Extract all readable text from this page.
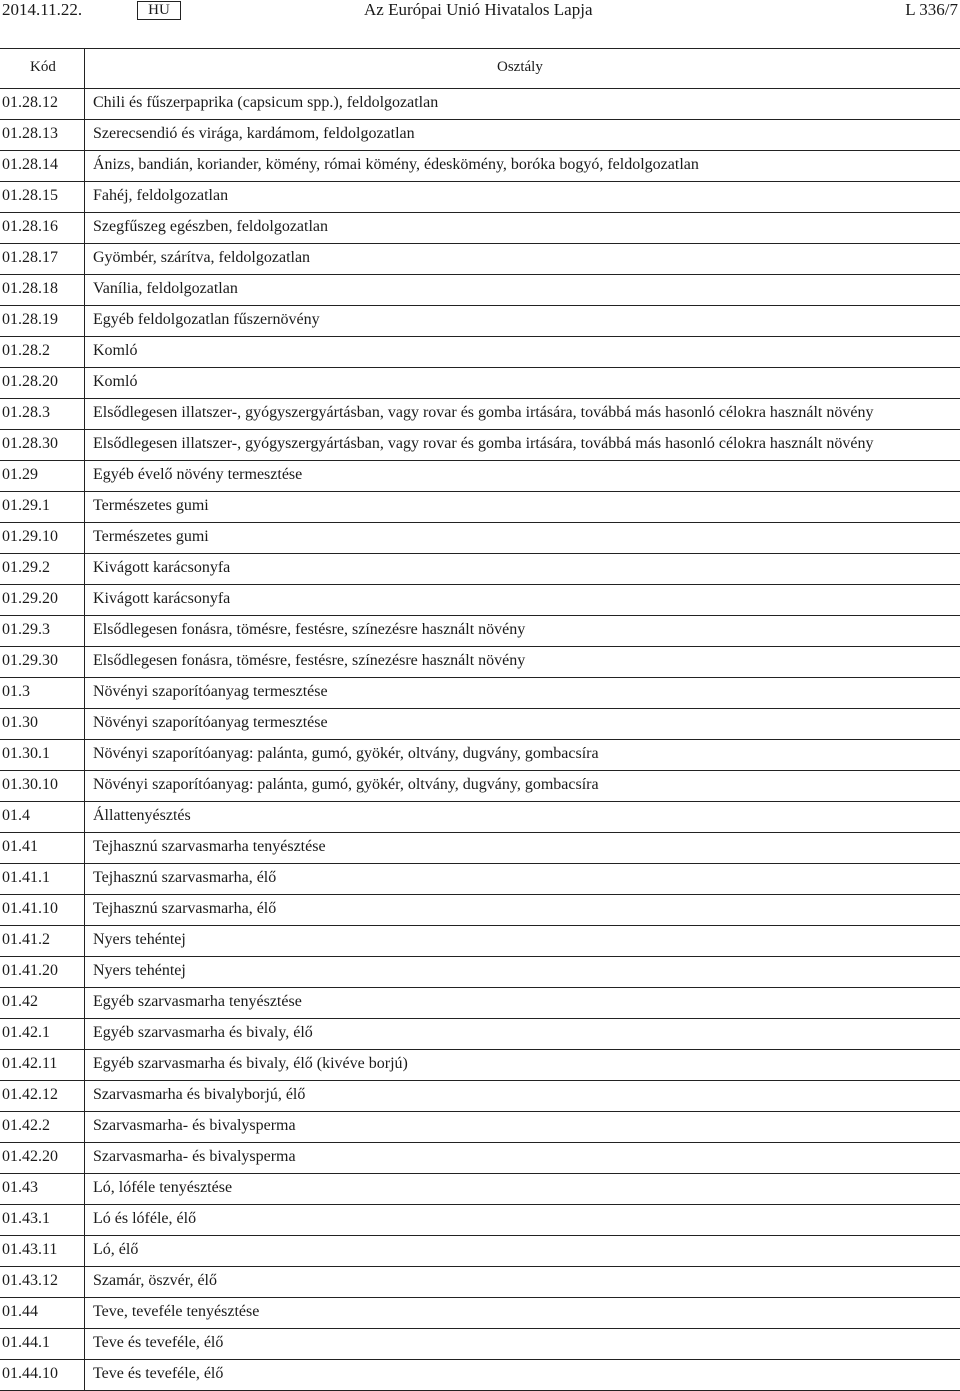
2014.11.22.	HU	Az Európai Unió Hivatalos Lapja	L 336/7
Kód	Osztály
01.28.12 Chili és fűszerpaprika (capsicum spp.), feldolgozatlan
01.28.13 Szerecsendió és virága, kardámom, feldolgozatlan
01.28.14 Ánizs, bandián, koriander, kömény, római kömény, édeskömény, boróka bogyó, feldolgozatlan
01.28.15 Fahéj, feldolgozatlan
01.28.16 Szegfűszeg egészben, feldolgozatlan
01.28.17 Gyömbér, szárítva, feldolgozatlan
01.28.18 Vanília, feldolgozatlan
01.28.19 Egyéb feldolgozatlan fűszernövény
01.28.2	Komló
01.28.20 Komló
01.28.3	Elsődlegesen illatszer-, gyógyszergyártásban, vagy rovar és gomba irtására, továbbá más hasonló célokra használt növény
01.28.30 Elsődlegesen illatszer-, gyógyszergyártásban, vagy rovar és gomba irtására, továbbá más hasonló célokra használt növény
01.29	Egyéb évelő növény termesztése
01.29.1	Természetes gumi
01.29.10 Természetes gumi
01.29.2	Kivágott karácsonyfa
01.29.20 Kivágott karácsonyfa
01.29.3	Elsődlegesen fonásra, tömésre, festésre, színezésre használt növény
01.29.30 Elsődlegesen fonásra, tömésre, festésre, színezésre használt növény
01.3	Növényi szaporítóanyag termesztése
01.30	Növényi szaporítóanyag termesztése
01.30.1	Növényi szaporítóanyag: palánta, gumó, gyökér, oltvány, dugvány, gombacsíra
01.30.10 Növényi szaporítóanyag: palánta, gumó, gyökér, oltvány, dugvány, gombacsíra
01.4	Állattenyésztés
01.41	Tejhasznú szarvasmarha tenyésztése
01.41.1	Tejhasznú szarvasmarha, élő
01.41.10 Tejhasznú szarvasmarha, élő
01.41.2	Nyers tehéntej
01.41.20 Nyers tehéntej
01.42	Egyéb szarvasmarha tenyésztése
01.42.1	Egyéb szarvasmarha és bivaly, élő
01.42.11 Egyéb szarvasmarha és bivaly, élő (kivéve borjú)
01.42.12 Szarvasmarha és bivalyborjú, élő
01.42.2	Szarvasmarha- és bivalysperma
01.42.20 Szarvasmarha- és bivalysperma
01.43	Ló, lóféle tenyésztése
01.43.1	Ló és lóféle, élő
01.43.11 Ló, élő
01.43.12 Szamár, öszvér, élő
01.44	Teve, tevefélе tenyésztése
01.44.1	Teve és tevefélе, élő
01.44.10 Teve és tevefélе, élő
